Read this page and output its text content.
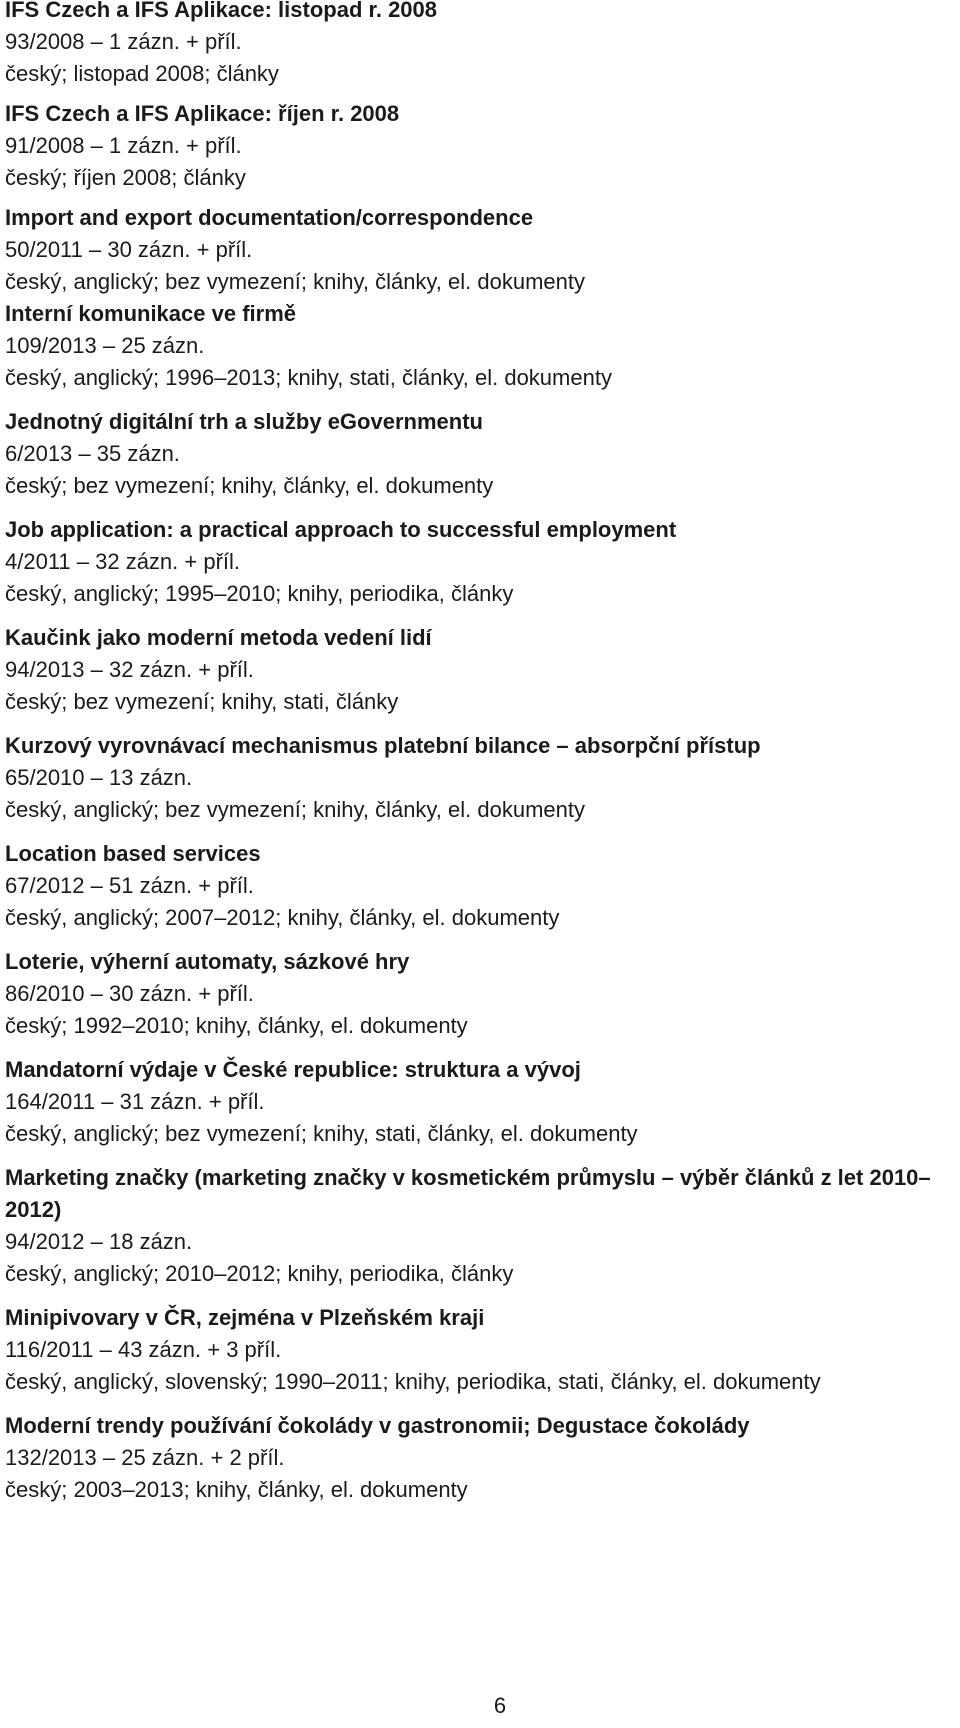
IFS Czech a IFS Aplikace: listopad r. 2008
93/2008 – 1 zázn. + příl.
český; listopad 2008; články
IFS Czech a IFS Aplikace: říjen r. 2008
91/2008 – 1 zázn. + příl.
český; říjen 2008; články
Import and export documentation/correspondence
50/2011 – 30 zázn. + příl.
český, anglický; bez vymezení; knihy, články, el. dokumenty
Interní komunikace ve firmě
109/2013 – 25 zázn.
český, anglický; 1996–2013; knihy, stati, články, el. dokumenty
Jednotný digitální trh a služby eGovernmentu
6/2013 – 35 zázn.
český; bez vymezení; knihy, články, el. dokumenty
Job application: a practical approach to successful employment
4/2011 – 32 zázn. + příl.
český, anglický; 1995–2010; knihy, periodika, články
Kaučink jako moderní metoda vedení lidí
94/2013 – 32 zázn. + příl.
český; bez vymezení; knihy, stati, články
Kurzový vyrovnávací mechanismus platební bilance – absorpční přístup
65/2010 – 13 zázn.
český, anglický; bez vymezení; knihy, články, el. dokumenty
Location based services
67/2012 – 51 zázn. + příl.
český, anglický; 2007–2012; knihy, články, el. dokumenty
Loterie, výherní automaty, sázkové hry
86/2010 – 30 zázn. + příl.
český; 1992–2010; knihy, články, el. dokumenty
Mandatorní výdaje v České republice: struktura a vývoj
164/2011 – 31 zázn. + příl.
český, anglický; bez vymezení; knihy, stati, články, el. dokumenty
Marketing značky (marketing značky v kosmetickém průmyslu – výběr článků z let 2010–2012)
94/2012 – 18 zázn.
český, anglický; 2010–2012; knihy, periodika, články
Minipivovary v ČR, zejména v Plzeňském kraji
116/2011 – 43 zázn. + 3 příl.
český, anglický, slovenský; 1990–2011; knihy, periodika, stati, články, el. dokumenty
Moderní trendy používání čokolády v gastronomii; Degustace čokolády
132/2013 – 25 zázn. + 2 příl.
český; 2003–2013; knihy, články, el. dokumenty
6
